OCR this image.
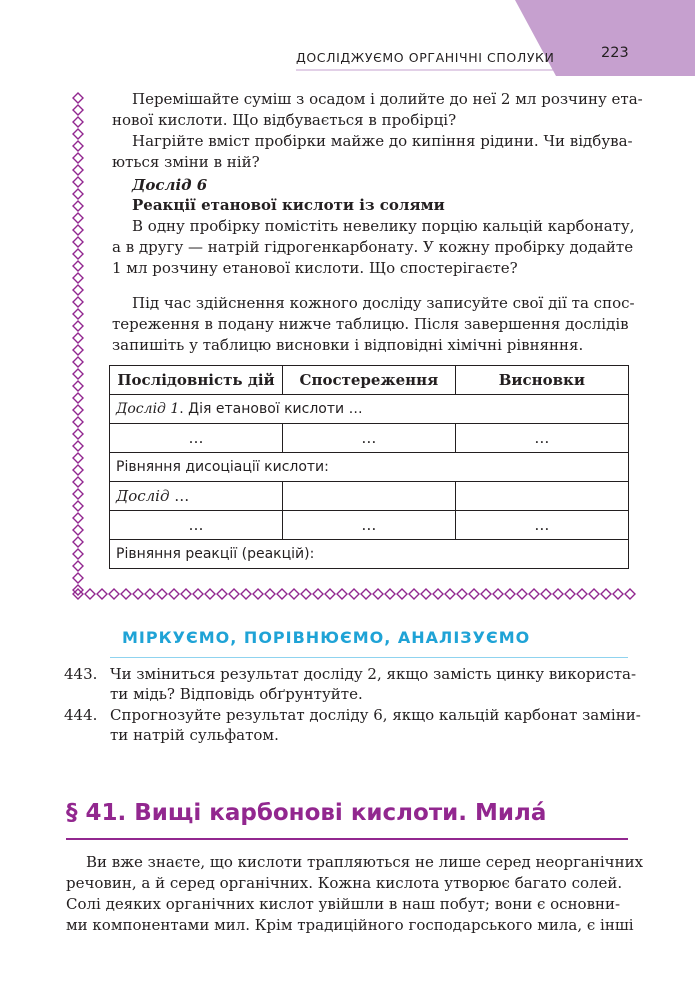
ДОСЛІДЖУЄМО ОРГАНІЧНІ СПОЛУКИ	223
Перемішайте суміш з осадом і долийте до неї 2 мл розчину ета-
нової кислоти. Що відбувається в пробірці?
Нагрійте вміст пробірки майже до кипіння рідини. Чи відбува-
ються зміни в ній?
Дослід 6
Реакції етанової кислоти із солями
В одну пробірку помістіть невелику порцію кальцій карбонату,
а в другу — натрій гідрогенкарбонату. У кожну пробірку додайте
1 мл розчину етанової кислоти. Що спостерігаєте?
Під час здійснення кожного досліду записуйте свої дії та спос-
тереження в подану нижче таблицю. Після завершення дослідів
запишіть у таблицю висновки і відповідні хімічні рівняння.
Послідовність дій	Спостереження	Висновки
Дослід 1. Дія етанової кислоти …		
…	…	…
Рівняння дисоціації кислоти:		
Дослід …		
…	…	…
Рівняння реакції (реакцій):		
МІРКУЄМО, ПОРІВНЮЄМО, АНАЛІЗУЄМО
443. Чи зміниться результат досліду 2, якщо замість цинку використа-
ти мідь? Відповідь обґрунтуйте.
444. Спрогнозуйте результат досліду 6, якщо кальцій карбонат заміни-
ти натрій сульфатом.
§ 41. Вищі карбонові кислоти. Мила́
Ви вже знаєте, що кислоти трапляються не лише серед неорганічних
речовин, а й серед органічних. Кожна кислота утворює багато солей.
Солі деяких органічних кислот увійшли в наш побут; вони є основни-
ми компонентами мил. Крім традиційного господарського мила, є інші
